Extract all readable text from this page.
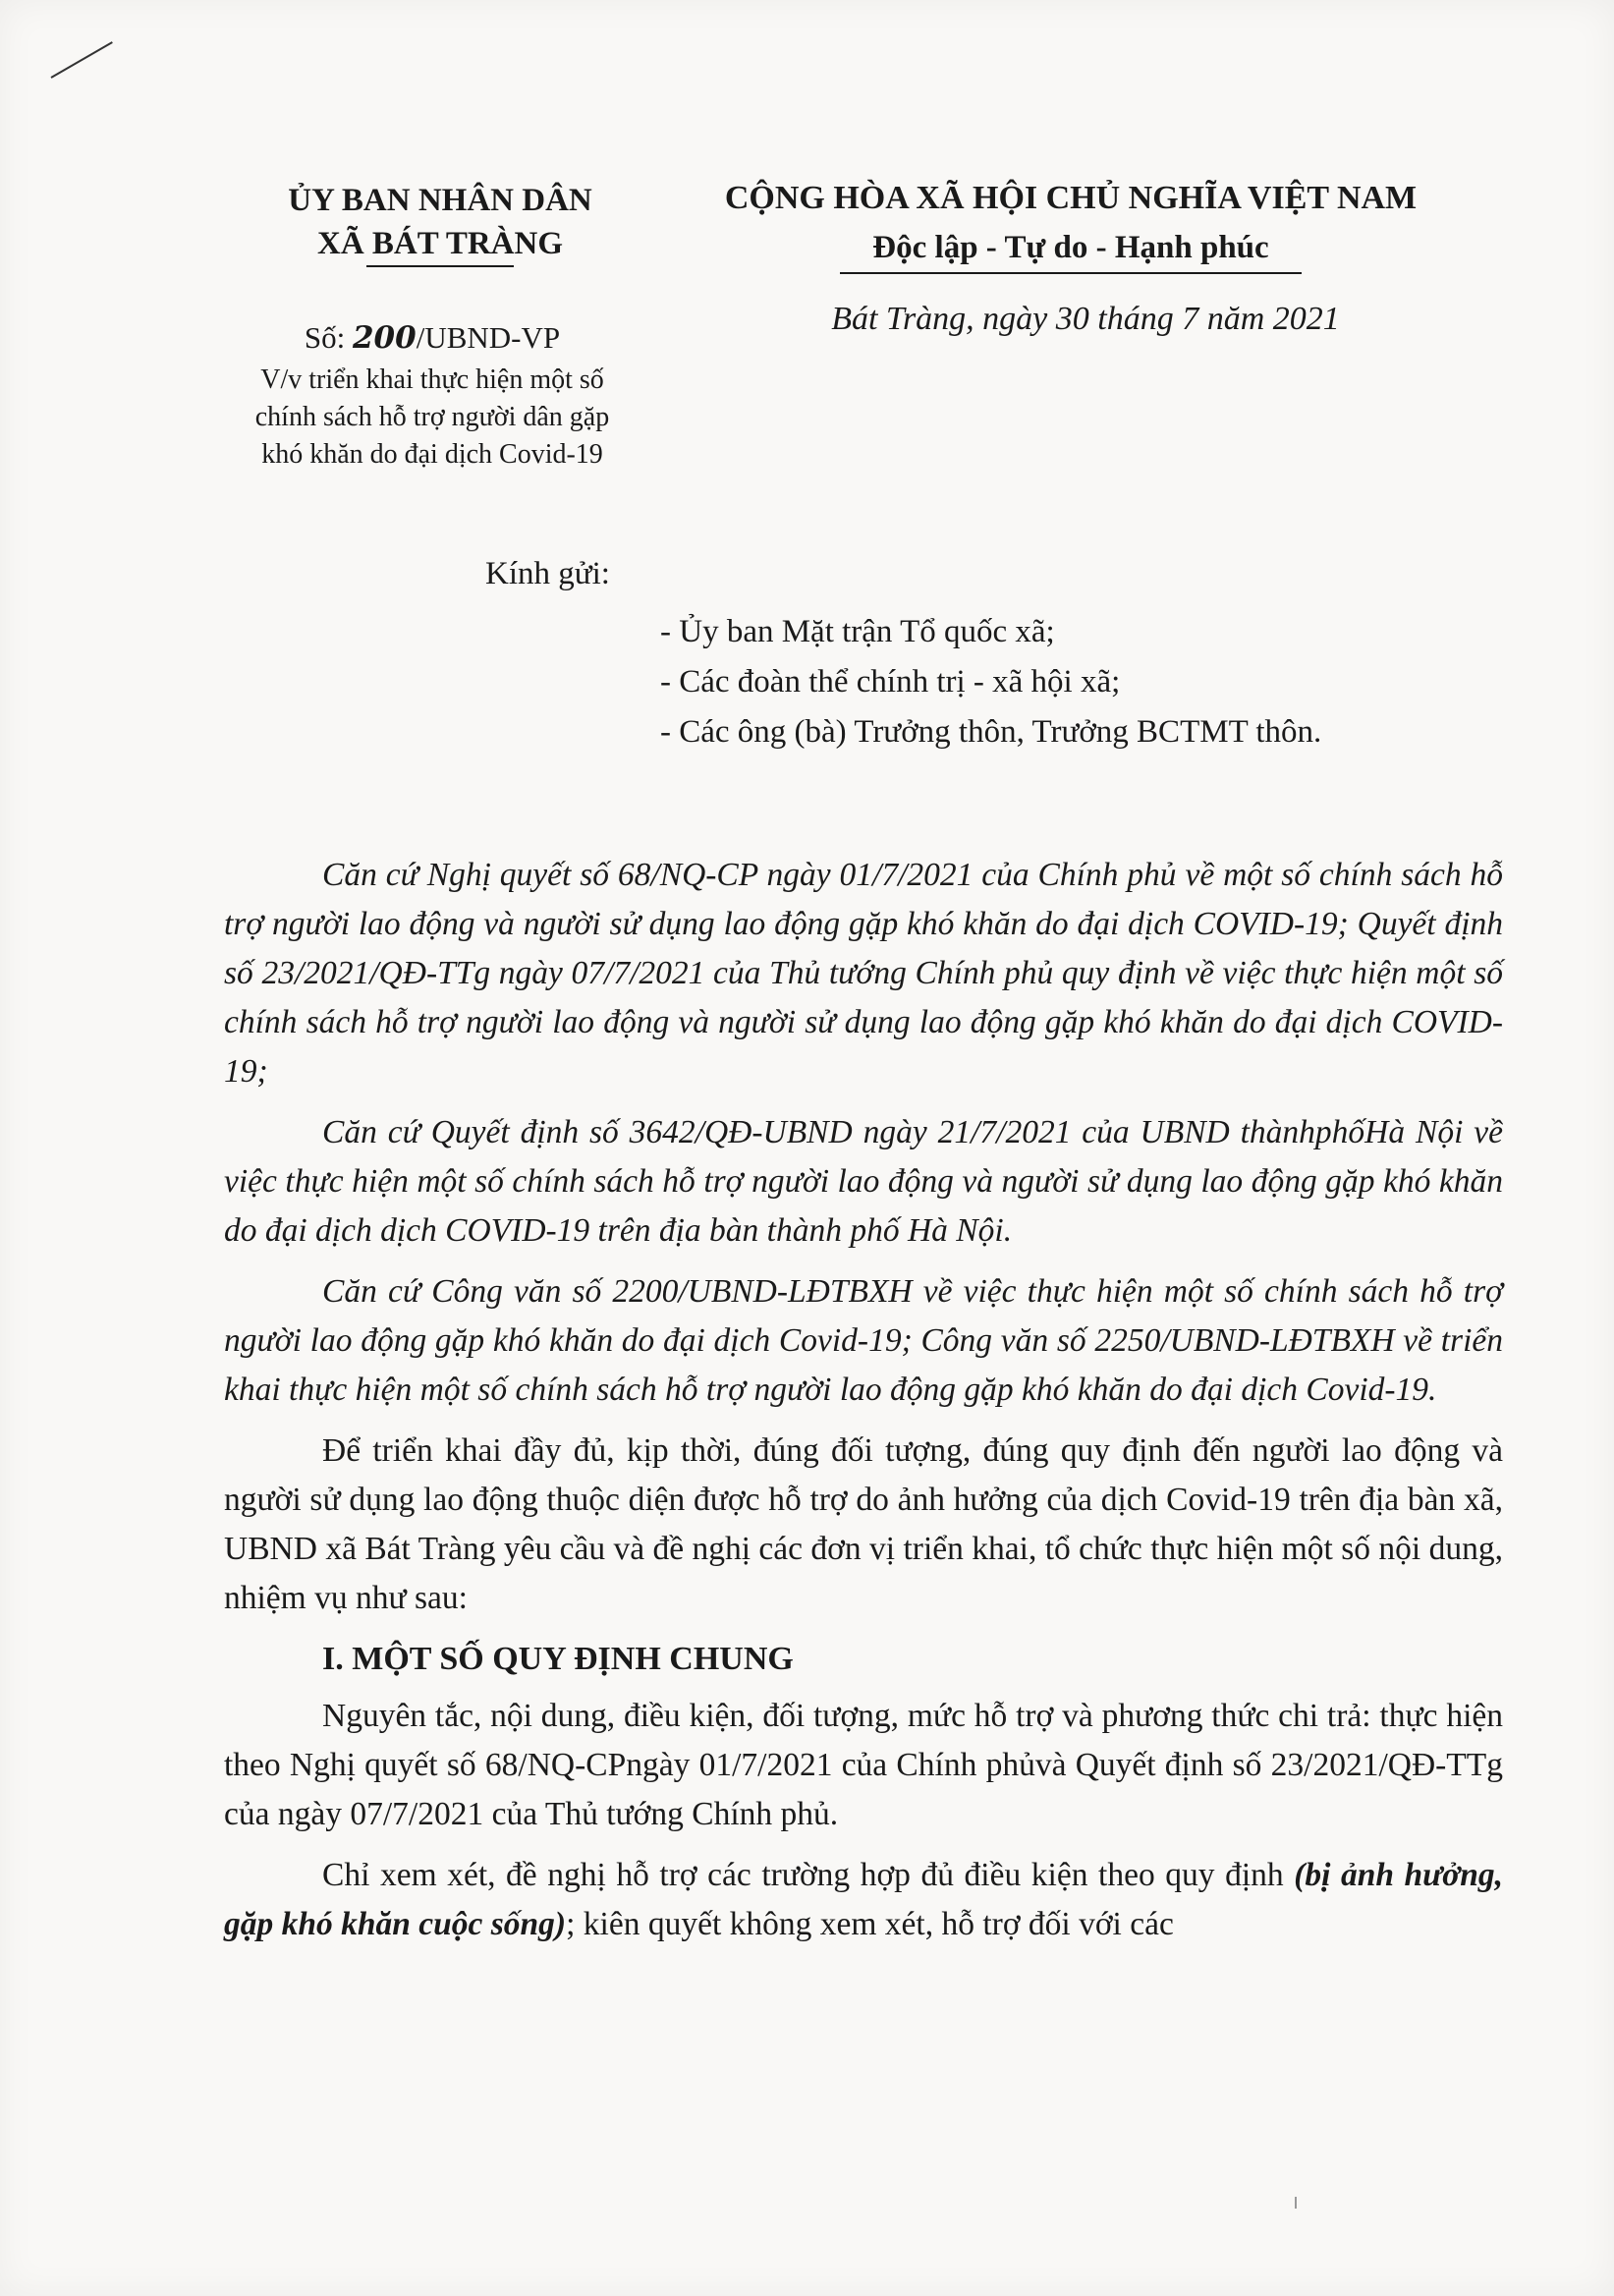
ỦY BAN NHÂN DÂN
XÃ BÁT TRÀNG
CỘNG HÒA XÃ HỘI CHỦ NGHĨA VIỆT NAM
Độc lập - Tự do - Hạnh phúc
Bát Tràng, ngày 30 tháng 7 năm 2021
Số: 200/UBND-VP
V/v triển khai thực hiện một số
chính sách hỗ trợ người dân gặp
khó khăn do đại dịch Covid-19
Kính gửi:
- Ủy ban Mặt trận Tổ quốc xã;
- Các đoàn thể chính trị - xã hội xã;
- Các ông (bà) Trưởng thôn, Trưởng BCTMT thôn.

Căn cứ Nghị quyết số 68/NQ-CP ngày 01/7/2021 của Chính phủ về một số chính sách hỗ trợ người lao động và người sử dụng lao động gặp khó khăn do đại dịch COVID-19; Quyết định số 23/2021/QĐ-TTg ngày 07/7/2021 của Thủ tướng Chính phủ quy định về việc thực hiện một số chính sách hỗ trợ người lao động và người sử dụng lao động gặp khó khăn do đại dịch COVID-19;

Căn cứ Quyết định số 3642/QĐ-UBND ngày 21/7/2021 của UBND thànhphốHà Nội về việc thực hiện một số chính sách hỗ trợ người lao động và người sử dụng lao động gặp khó khăn do đại dịch dịch COVID-19 trên địa bàn thành phố Hà Nội.

Căn cứ Công văn số 2200/UBND-LĐTBXH về việc thực hiện một số chính sách hỗ trợ người lao động gặp khó khăn do đại dịch Covid-19; Công văn số 2250/UBND-LĐTBXH về triển khai thực hiện một số chính sách hỗ trợ người lao động gặp khó khăn do đại dịch Covid-19.

Để triển khai đầy đủ, kịp thời, đúng đối tượng, đúng quy định đến người lao động và người sử dụng lao động thuộc diện được hỗ trợ do ảnh hưởng của dịch Covid-19 trên địa bàn xã, UBND xã Bát Tràng yêu cầu và đề nghị các đơn vị triển khai, tổ chức thực hiện một số nội dung, nhiệm vụ như sau:

I. MỘT SỐ QUY ĐỊNH CHUNG

Nguyên tắc, nội dung, điều kiện, đối tượng, mức hỗ trợ và phương thức chi trả: thực hiện theo Nghị quyết số 68/NQ-CPngày 01/7/2021 của Chính phủvà Quyết định số 23/2021/QĐ-TTg của ngày 07/7/2021 của Thủ tướng Chính phủ.

Chỉ xem xét, đề nghị hỗ trợ các trường hợp đủ điều kiện theo quy định (bị ảnh hưởng, gặp khó khăn cuộc sống); kiên quyết không xem xét, hỗ trợ đối với các
